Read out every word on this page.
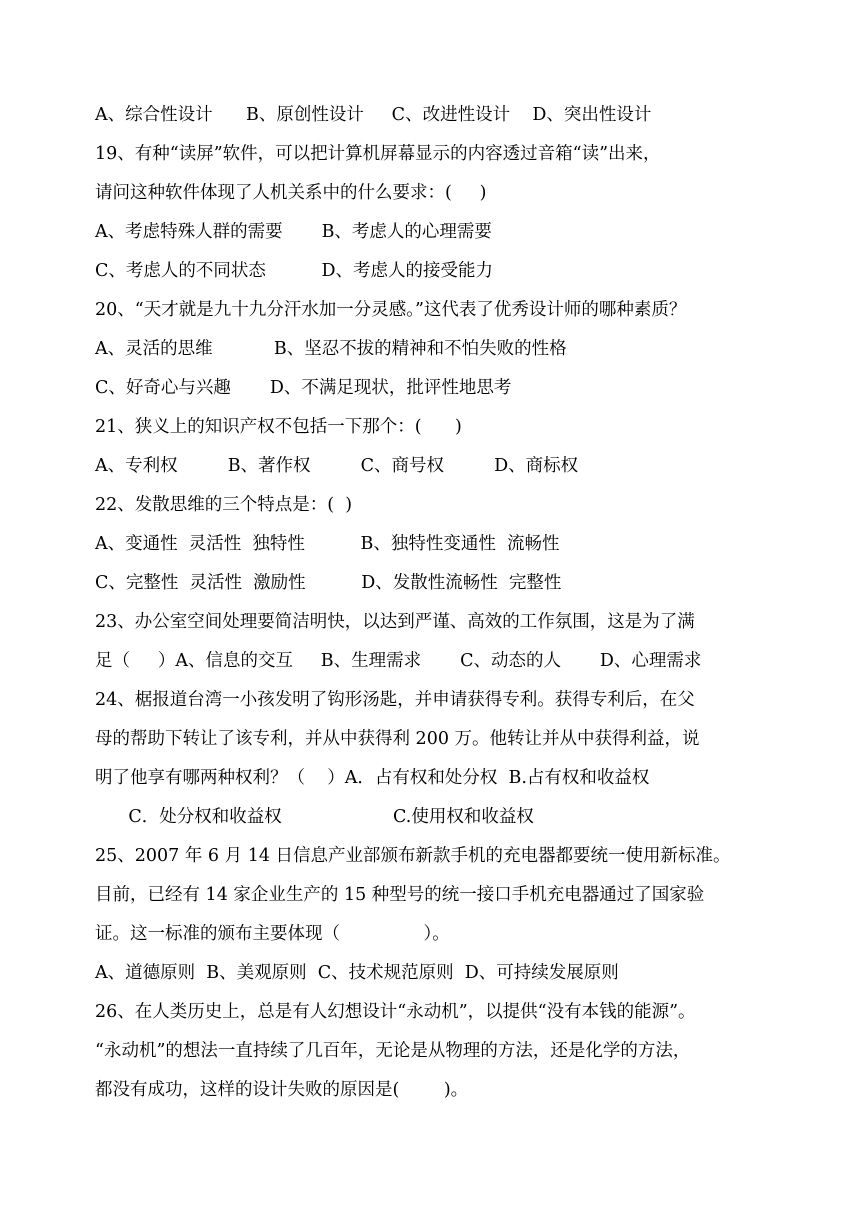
A、综合性设计      B、原创性设计     C、改进性设计    D、突出性设计
19、有种“读屏”软件，可以把计算机屏幕显示的内容透过音箱“读”出来，
请问这种软件体现了人机关系中的什么要求：(     )
A、考虑特殊人群的需要       B、考虑人的心理需要
C、考虑人的不同状态          D、考虑人的接受能力
20、“天才就是九十九分汗水加一分灵感。”这代表了优秀设计师的哪种素质？
A、灵活的思维           B、坚忍不拔的精神和不怕失败的性格
C、好奇心与兴趣       D、不满足现状，批评性地思考
21、狭义上的知识产权不包括一下那个：(      )
A、专利权         B、著作权         C、商号权         D、商标权
22、发散思维的三个特点是：(  )
A、变通性  灵活性  独特性          B、独特性变通性  流畅性
C、完整性  灵活性  激励性          D、发散性流畅性  完整性
23、办公室空间处理要简洁明快，以达到严谨、高效的工作氛围，这是为了满
足（     ）A、信息的交互     B、生理需求       C、动态的人       D、心理需求
24、椐报道台湾一小孩发明了钩形汤匙，并申请获得专利。获得专利后，在父
母的帮助下转让了该专利，并从中获得利 200 万。他转让并从中获得利益，说
明了他享有哪两种权利？（    ）A．占有权和处分权  B.占有权和收益权
C．处分权和收益权                    C.使用权和收益权
25、2007 年 6 月 14 日信息产业部颁布新款手机的充电器都要统一使用新标准。
目前，已经有 14 家企业生产的 15 种型号的统一接口手机充电器通过了国家验
证。这一标准的颁布主要体现（               ）。
A、道德原则  B、美观原则  C、技术规范原则  D、可持续发展原则
26、在人类历史上，总是有人幻想设计“永动机”，以提供“没有本钱的能源”。
“永动机”的想法一直持续了几百年，无论是从物理的方法，还是化学的方法，
都没有成功，这样的设计失败的原因是(        )。
